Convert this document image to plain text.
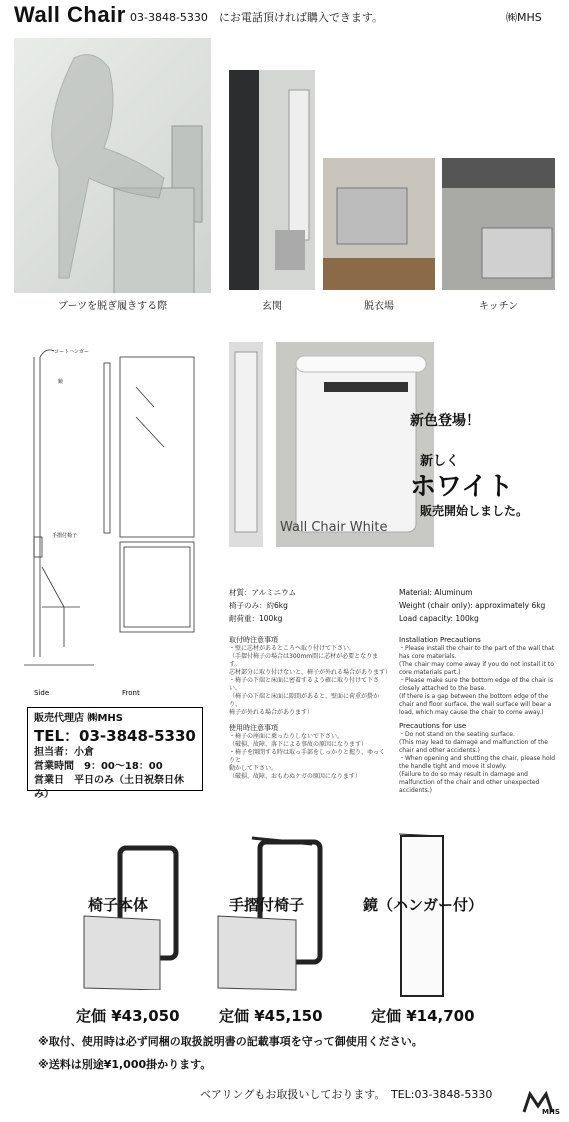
Wall Chair 03-3848-5330　にお電話頂ければ購入できます。	㈱MHS
ブーツを脱ぎ履きする際	玄関	脱衣場	キッチン
コートハンガー
鏡
手摺付椅子
Side	Front
Wall Chair White
新色登場！
新しく
ホワイト
販売開始しました。
材質：アルミニウム
椅子のみ：約6kg
耐荷重：100kg
取付時注意事項
・壁に芯材があるところへ取り付けて下さい。
（手摺付椅子の場合は300mm間に芯材が必要となります。
芯材部分に取り付けないと、椅子が外れる場合があります）
・椅子の下端と床面に密着するよう確に取り付けて下さい。
（椅子の下端と床面に隙間があると、壁面に荷重が掛かり、
椅子が外れる場合があります）
使用時注意事項
・椅子の座面に乗ったりしないで下さい。
（破損、故障、落下による事故の原因になります）
・椅子を開閉する時は取っ手部をしっかりと握り、ゆっくりと
動かして下さい。
（破損、故障、おもわぬケガの原因になります）
Material: Aluminum
Weight (chair only): approximately 6kg
Load capacity: 100kg
Installation Precautions
・Please install the chair to the part of the wall that has core materials.
(The chair may come away if you do not install it to core materials part.)
・Please make sure the bottom edge of the chair is closely attached to the base.
(If there is a gap between the bottom edge of the chair and floor surface, the wall surface will bear a load, which may cause the chair to come away.)
Precautions for use
・Do not stand on the seating surface.
(This may lead to damage and malfunction of the chair and other accidents.)
・When opening and shutting the chair, please hold the handle tight and move it slowly.
(Failure to do so may result in damage and malfunction of the chair and other unexpected accidents.)
販売代理店 ㈱MHS
TEL：03-3848-5330
担当者：小倉
営業時間　9：00～18：00
営業日　平日のみ（土日祝祭日休み）
椅子本体
定価 ¥43,050
手摺付椅子
定価 ¥45,150
鏡（ハンガー付）
定価 ¥14,700
※取付、使用時は必ず同梱の取扱説明書の記載事項を守って御使用ください。
※送料は別途¥1,000掛かります。
ベアリングもお取扱いしております。　TEL:03-3848-5330
MHS
